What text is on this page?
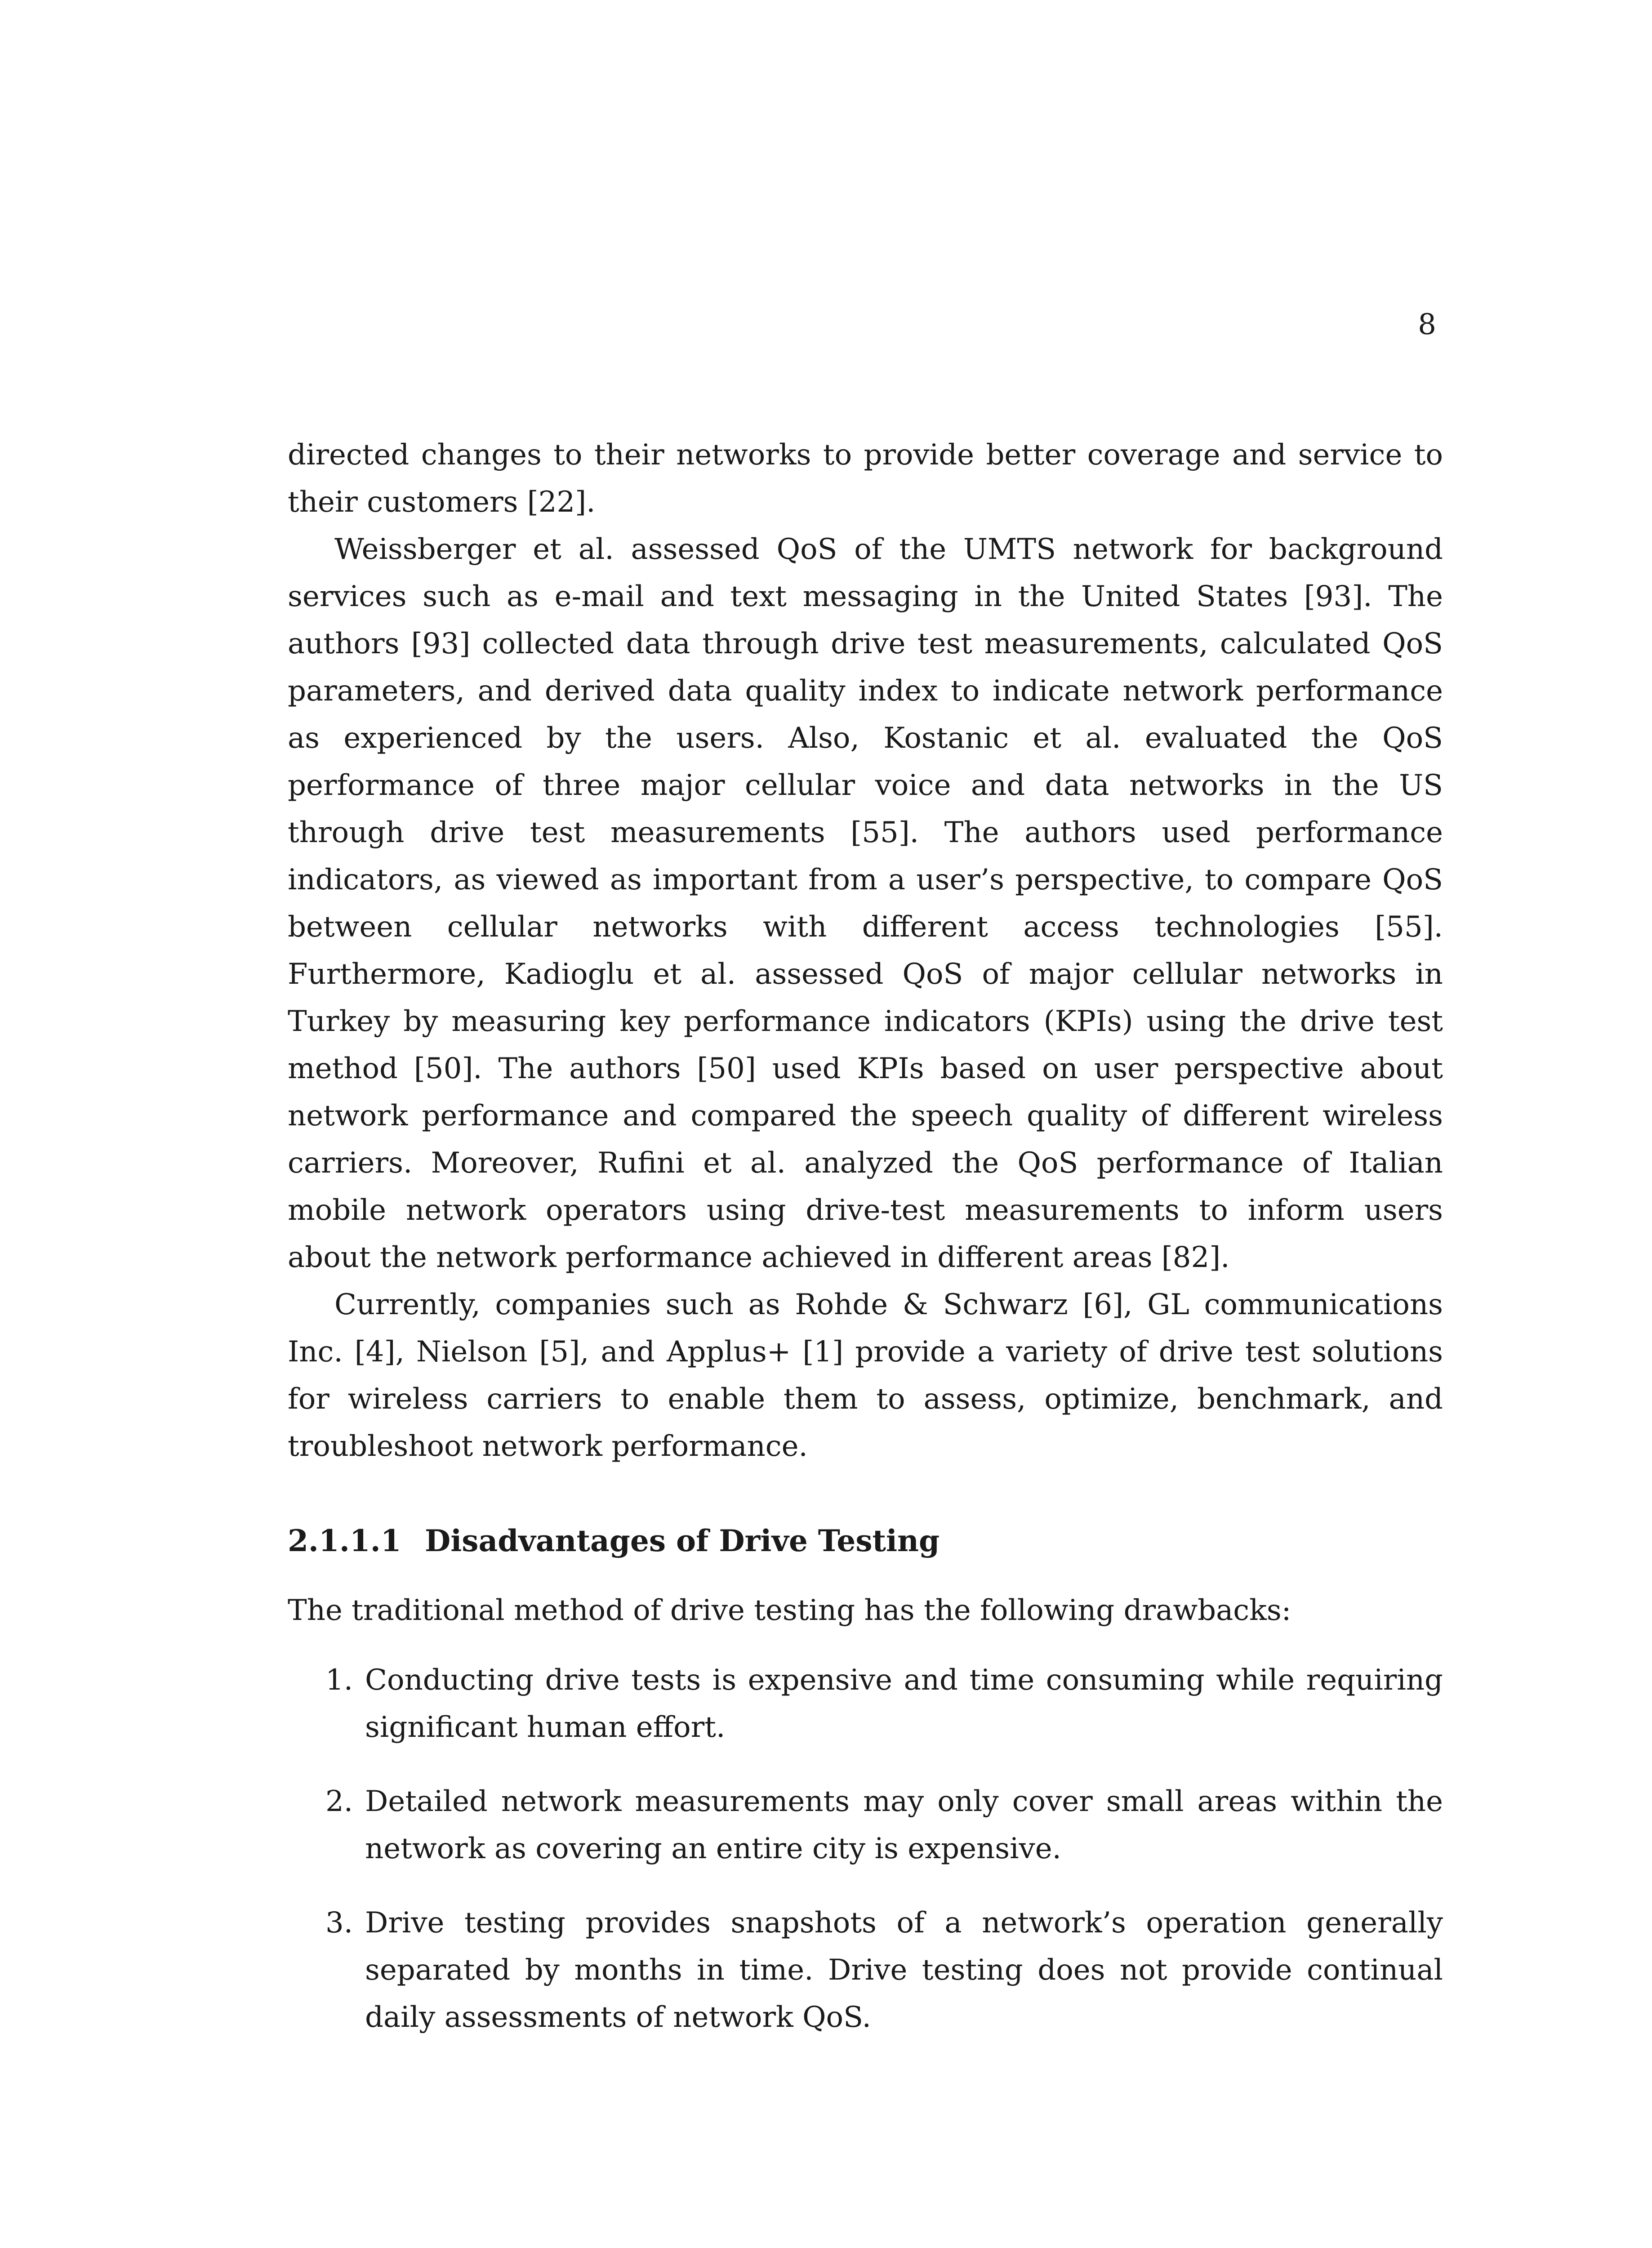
8

directed changes to their networks to provide better coverage and service to their customers [22].

Weissberger et al. assessed QoS of the UMTS network for background services such as e-mail and text messaging in the United States [93]. The authors [93] collected data through drive test measurements, calculated QoS parameters, and derived data quality index to indicate network performance as experienced by the users. Also, Kostanic et al. evaluated the QoS performance of three major cellular voice and data networks in the US through drive test measurements [55]. The authors used performance indicators, as viewed as important from a user’s perspective, to compare QoS between cellular networks with different access technologies [55]. Furthermore, Kadioglu et al. assessed QoS of major cellular networks in Turkey by measuring key performance indicators (KPIs) using the drive test method [50]. The authors [50] used KPIs based on user perspective about network performance and compared the speech quality of different wireless carriers. Moreover, Rufini et al. analyzed the QoS performance of Italian mobile network operators using drive-test measurements to inform users about the network performance achieved in different areas [82].

Currently, companies such as Rohde & Schwarz [6], GL communications Inc. [4], Nielson [5], and Applus+ [1] provide a variety of drive test solutions for wireless carriers to enable them to assess, optimize, benchmark, and troubleshoot network performance.

2.1.1.1 Disadvantages of Drive Testing

The traditional method of drive testing has the following drawbacks:

1. Conducting drive tests is expensive and time consuming while requiring significant human effort.
2. Detailed network measurements may only cover small areas within the network as covering an entire city is expensive.
3. Drive testing provides snapshots of a network’s operation generally separated by months in time. Drive testing does not provide continual daily assessments of network QoS.
